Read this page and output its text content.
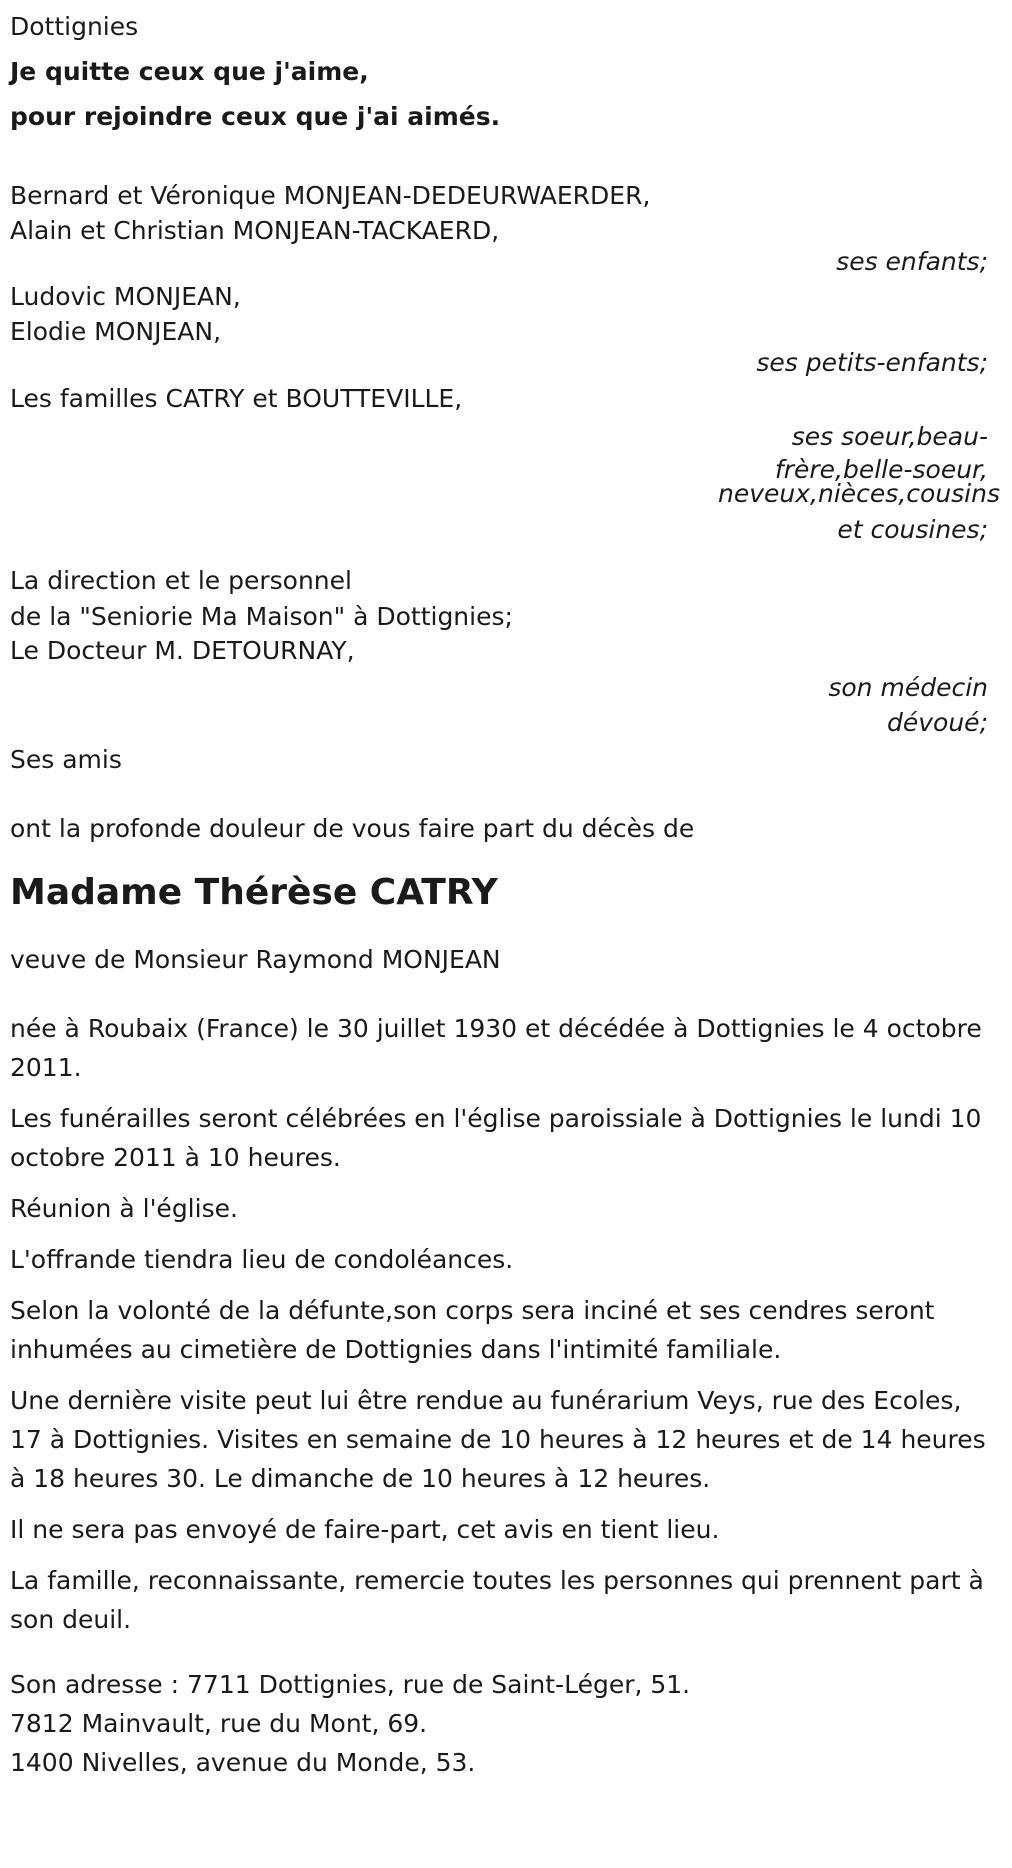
Dottignies
Je quitte ceux que j'aime,
pour rejoindre ceux que j'ai aimés.
Bernard et Véronique MONJEAN-DEDEURWAERDER,
Alain et Christian MONJEAN-TACKAERD,
ses enfants;
Ludovic MONJEAN,
Elodie MONJEAN,
ses petits-enfants;
Les familles CATRY et BOUTTEVILLE,
ses soeur,beau-
frère,belle-soeur,
neveux,nièces,cousins
et cousines;
La direction et le personnel
de la "Seniorie Ma Maison" à Dottignies;
Le Docteur M. DETOURNAY,
son médecin
dévoué;
Ses amis
ont la profonde douleur de vous faire part du décès de
Madame Thérèse CATRY
veuve de Monsieur Raymond MONJEAN
née à Roubaix (France) le 30 juillet 1930 et décédée à Dottignies le 4 octobre 2011.
Les funérailles seront célébrées en l'église paroissiale à Dottignies le lundi 10 octobre 2011 à 10 heures.
Réunion à l'église.
L'offrande tiendra lieu de condoléances.
Selon la volonté de la défunte,son corps sera inciné et ses cendres seront inhumées au cimetière de Dottignies dans l'intimité familiale.
Une dernière visite peut lui être rendue au funérarium Veys, rue des Ecoles, 17 à Dottignies. Visites en semaine de 10 heures à 12 heures et de 14 heures à 18 heures 30. Le dimanche de 10 heures à 12 heures.
Il ne sera pas envoyé de faire-part, cet avis en tient lieu.
La famille, reconnaissante, remercie toutes les personnes qui prennent part à son deuil.
Son adresse : 7711 Dottignies, rue de Saint-Léger, 51.
7812 Mainvault, rue du Mont, 69.
1400 Nivelles, avenue du Monde, 53.
